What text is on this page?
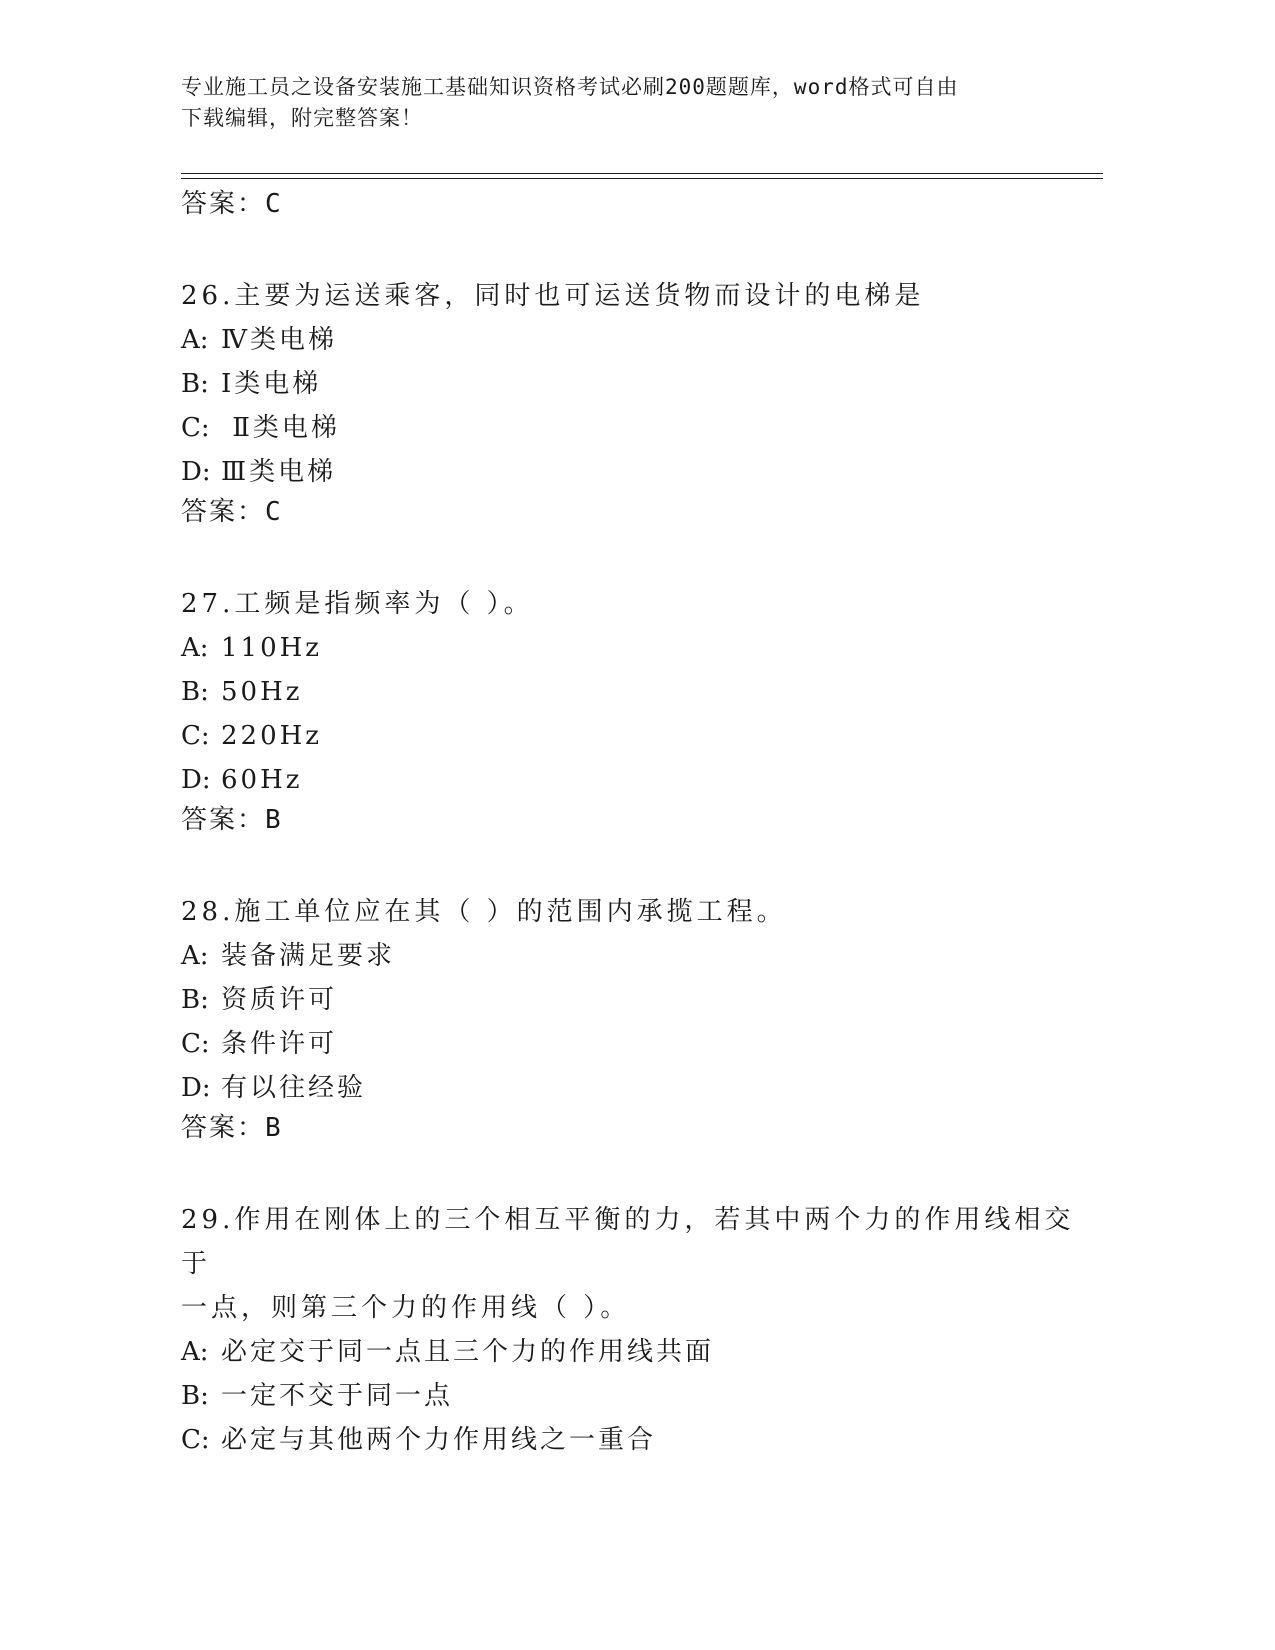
专业施工员之设备安装施工基础知识资格考试必刷200题题库，word格式可自由
下载编辑，附完整答案！
答案：C
26.主要为运送乘客，同时也可运送货物而设计的电梯是
A: Ⅳ类电梯
B: Ⅰ类电梯
C: Ⅱ类电梯
D: Ⅲ类电梯
答案：C
27.工频是指频率为（ ）。
A: 110Hz
B: 50Hz
C: 220Hz
D: 60Hz
答案：B
28.施工单位应在其（ ）的范围内承揽工程。
A: 装备满足要求
B: 资质许可
C: 条件许可
D: 有以往经验
答案：B
29.作用在刚体上的三个相互平衡的力，若其中两个力的作用线相交于
一点，则第三个力的作用线（ ）。
A: 必定交于同一点且三个力的作用线共面
B: 一定不交于同一点
C: 必定与其他两个力作用线之一重合
